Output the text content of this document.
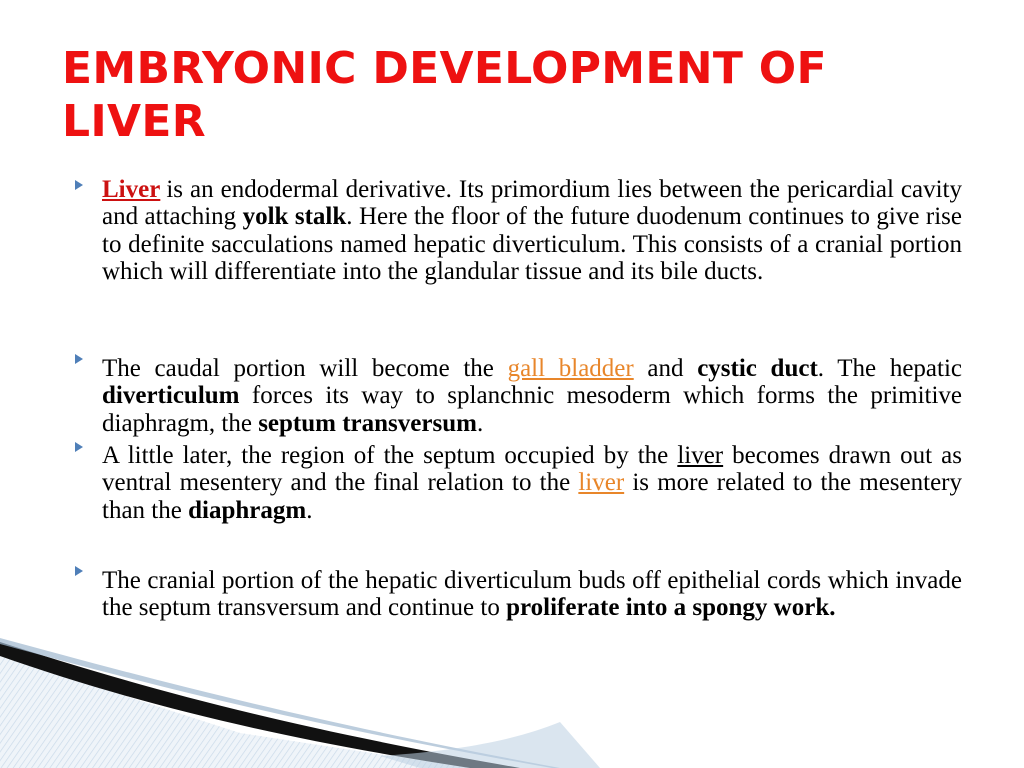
EMBRYONIC DEVELOPMENT OF LIVER
Liver is an endodermal derivative. Its primordium lies between the pericardial cavity and attaching yolk stalk. Here the floor of the future duodenum continues to give rise to definite sacculations named hepatic diverticulum. This consists of a cranial portion which will differentiate into the glandular tissue and its bile ducts.
The caudal portion will become the gall bladder and cystic duct. The hepatic diverticulum forces its way to splanchnic mesoderm which forms the primitive diaphragm, the septum transversum.
A little later, the region of the septum occupied by the liver becomes drawn out as ventral mesentery and the final relation to the liver is more related to the mesentery than the diaphragm.
The cranial portion of the hepatic diverticulum buds off epithelial cords which invade the septum transversum and continue to proliferate into a spongy work.
